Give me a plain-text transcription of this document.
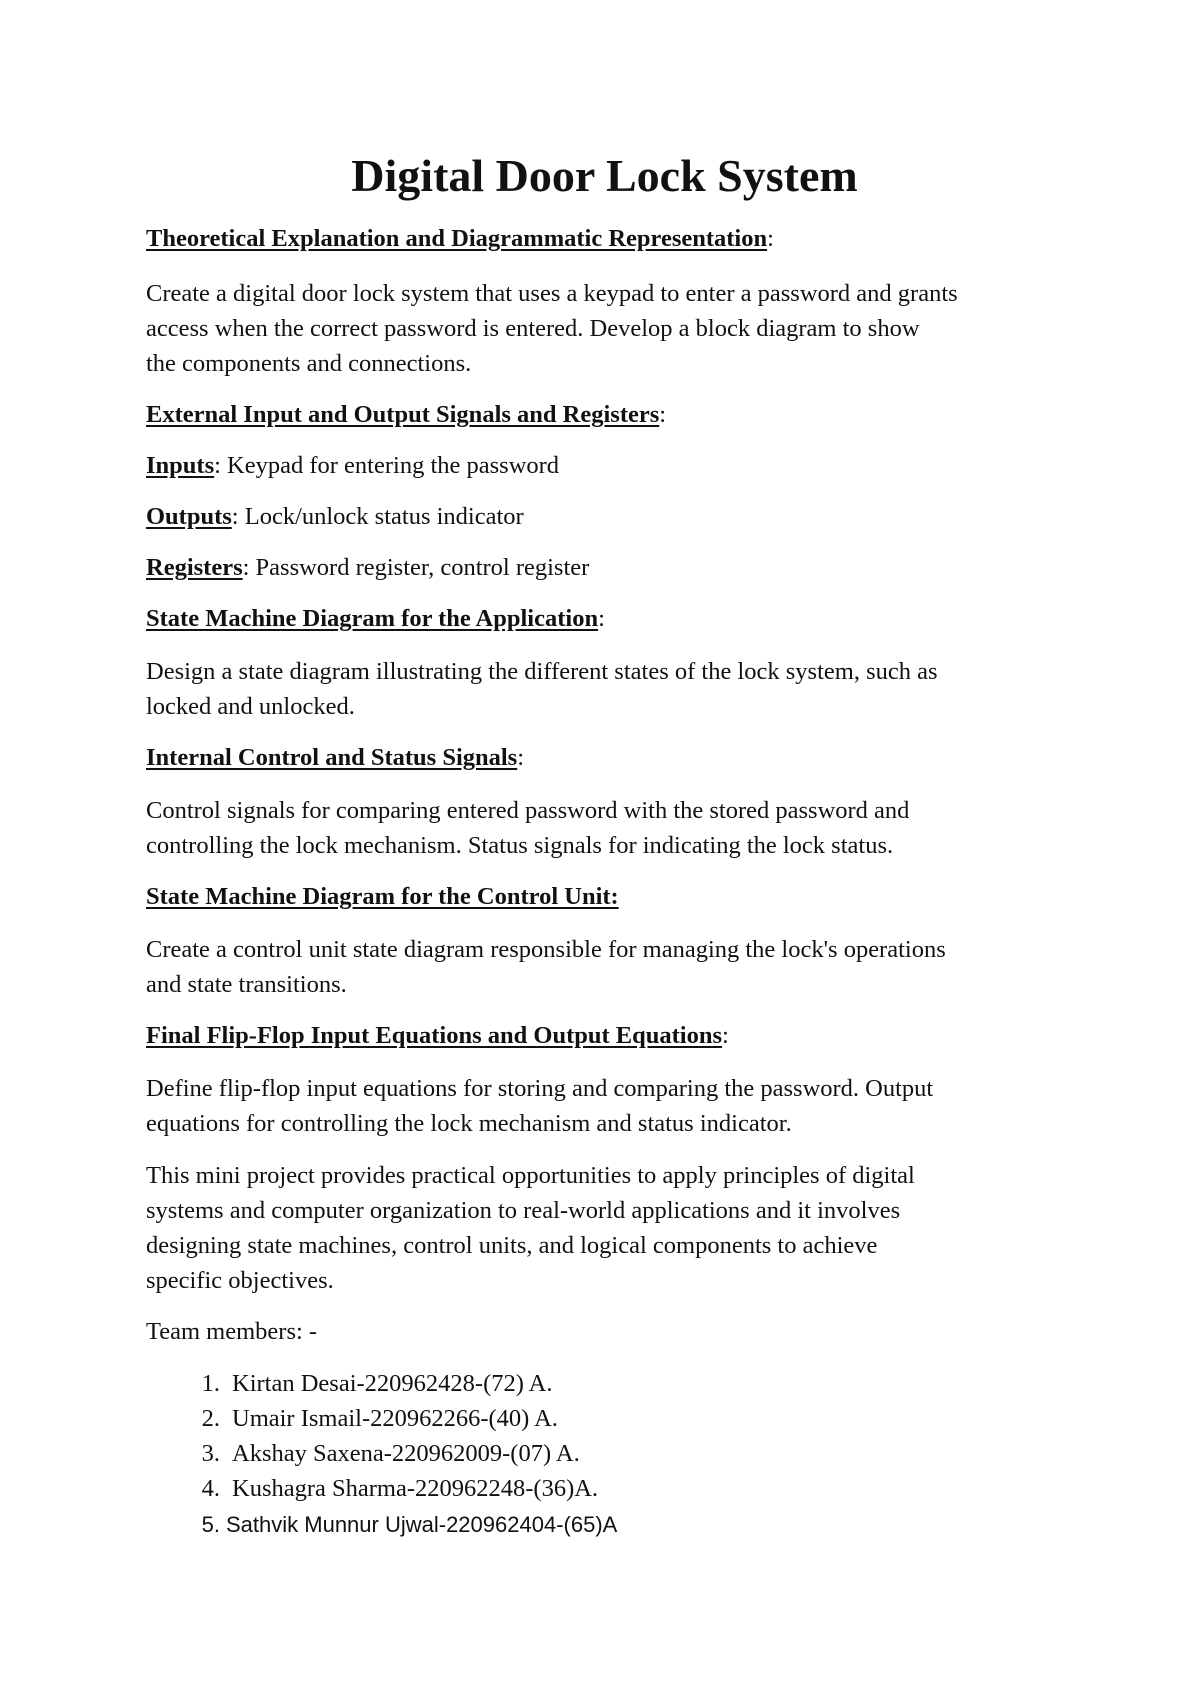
Digital Door Lock System

Theoretical Explanation and Diagrammatic Representation:

Create a digital door lock system that uses a keypad to enter a password and grants

access when the correct password is entered. Develop a block diagram to show

the components and connections.

External Input and Output Signals and Registers:

Inputs: Keypad for entering the password

Outputs: Lock/unlock status indicator

Registers: Password register, control register

State Machine Diagram for the Application:

Design a state diagram illustrating the different states of the lock system, such as

locked and unlocked.

Internal Control and Status Signals:

Control signals for comparing entered password with the stored password and

controlling the lock mechanism. Status signals for indicating the lock status.

State Machine Diagram for the Control Unit:

Create a control unit state diagram responsible for managing the lock's operations

and state transitions.

Final Flip-Flop Input Equations and Output Equations:

Define flip-flop input equations for storing and comparing the password. Output

equations for controlling the lock mechanism and status indicator.

This mini project provides practical opportunities to apply principles of digital

systems and computer organization to real-world applications and it involves

designing state machines, control units, and logical components to achieve

specific objectives.

Team members: -

1. Kirtan Desai-220962428-(72) A.

2. Umair Ismail-220962266-(40) A.

3. Akshay Saxena-220962009-(07) A.

4. Kushagra Sharma-220962248-(36)A.

5. Sathvik Munnur Ujwal-220962404-(65)A
